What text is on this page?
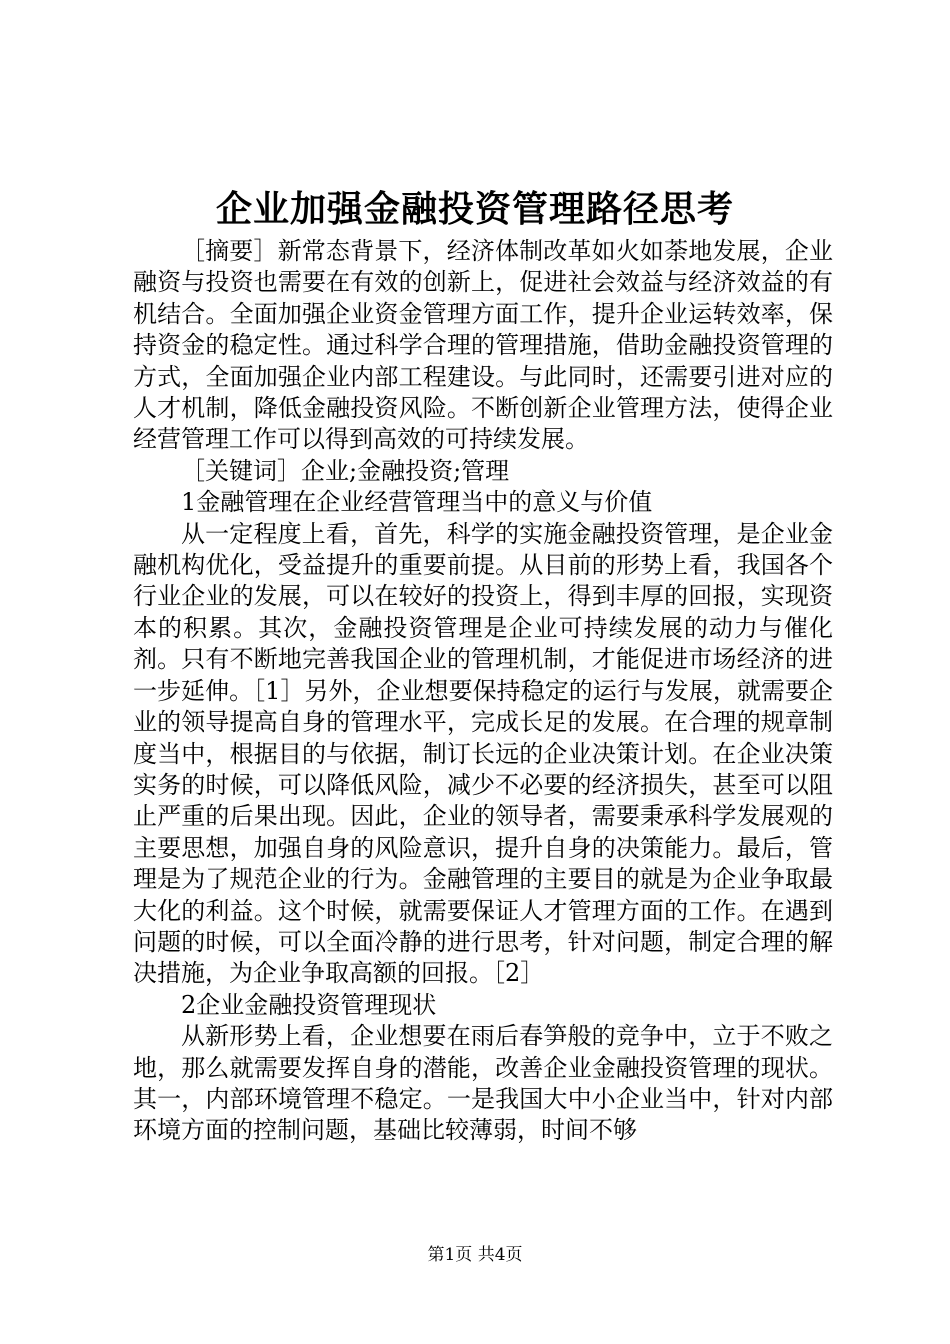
企业加强金融投资管理路径思考

［摘要］新常态背景下，经济体制改革如火如荼地发展，企业融资与投资也需要在有效的创新上，促进社会效益与经济效益的有机结合。全面加强企业资金管理方面工作，提升企业运转效率，保持资金的稳定性。通过科学合理的管理措施，借助金融投资管理的方式，全面加强企业内部工程建设。与此同时，还需要引进对应的人才机制，降低金融投资风险。不断创新企业管理方法，使得企业经营管理工作可以得到高效的可持续发展。

［关键词］企业;金融投资;管理

1金融管理在企业经营管理当中的意义与价值

从一定程度上看，首先，科学的实施金融投资管理，是企业金融机构优化，受益提升的重要前提。从目前的形势上看，我国各个行业企业的发展，可以在较好的投资上，得到丰厚的回报，实现资本的积累。其次，金融投资管理是企业可持续发展的动力与催化剂。只有不断地完善我国企业的管理机制，才能促进市场经济的进一步延伸。［1］另外，企业想要保持稳定的运行与发展，就需要企业的领导提高自身的管理水平，完成长足的发展。在合理的规章制度当中，根据目的与依据，制订长远的企业决策计划。在企业决策实务的时候，可以降低风险，减少不必要的经济损失，甚至可以阻止严重的后果出现。因此，企业的领导者，需要秉承科学发展观的主要思想，加强自身的风险意识，提升自身的决策能力。最后，管理是为了规范企业的行为。金融管理的主要目的就是为企业争取最大化的利益。这个时候，就需要保证人才管理方面的工作。在遇到问题的时候，可以全面冷静的进行思考，针对问题，制定合理的解决措施，为企业争取高额的回报。［2］

2企业金融投资管理现状

从新形势上看，企业想要在雨后春笋般的竞争中，立于不败之地，那么就需要发挥自身的潜能，改善企业金融投资管理的现状。其一，内部环境管理不稳定。一是我国大中小企业当中，针对内部环境方面的控制问题，基础比较薄弱，时间不够

第1页 共4页
